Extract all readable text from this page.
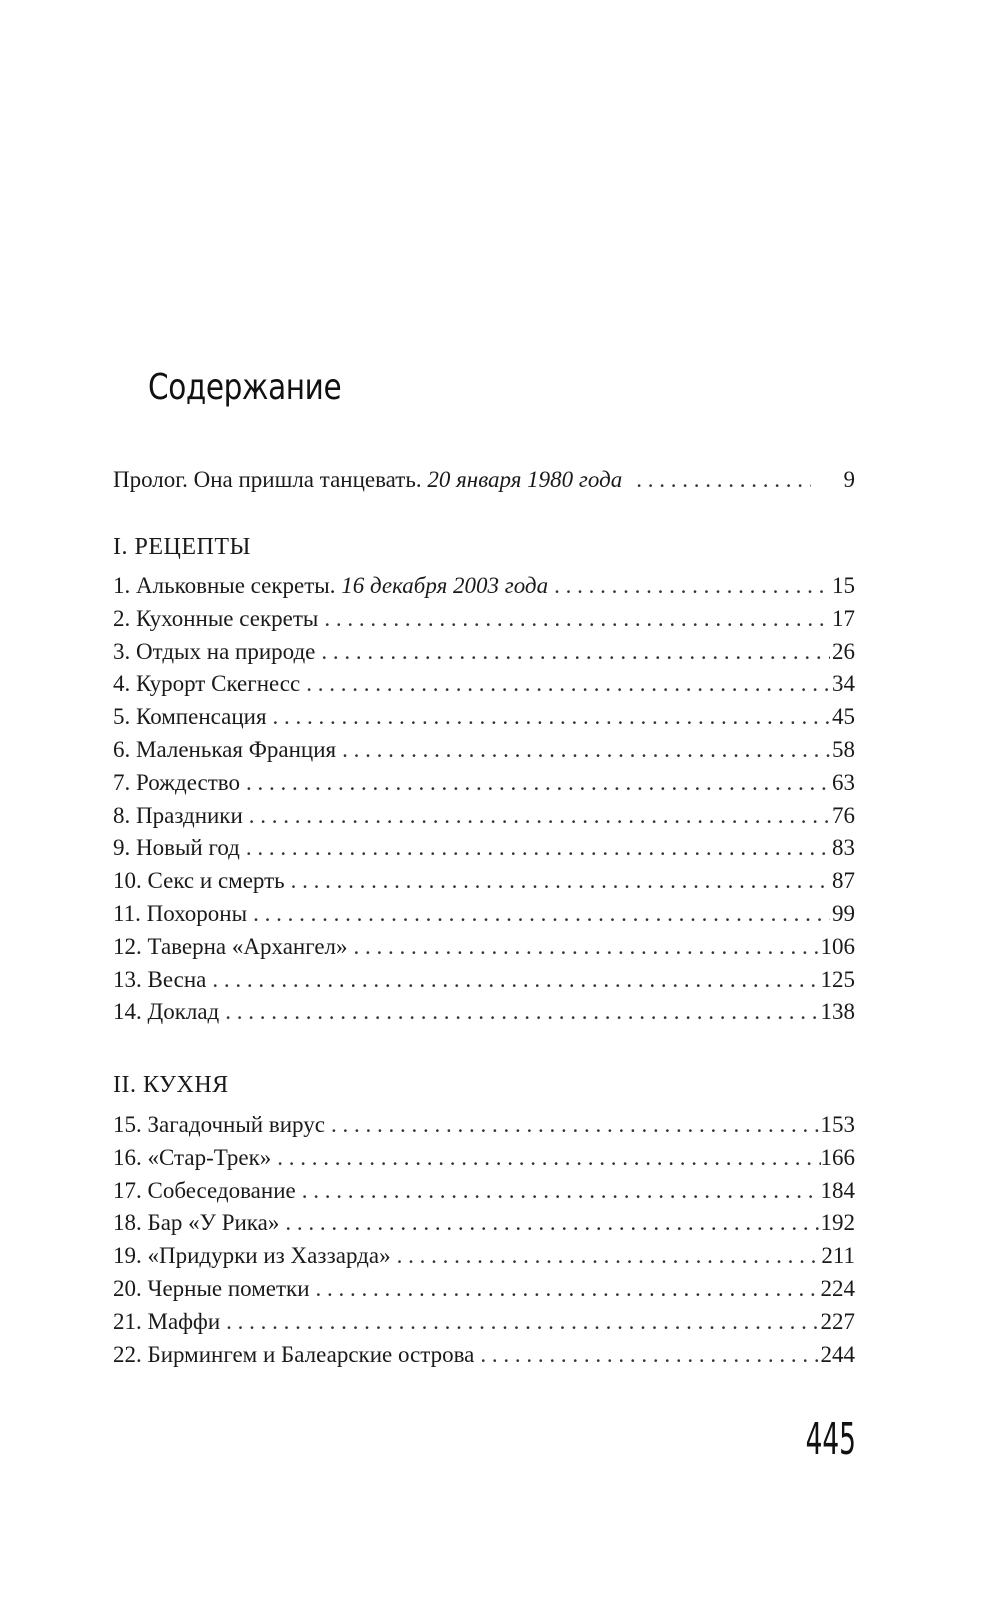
Содержание
Пролог. Она пришла танцевать. 20 января 1980 года . . .	9
I. РЕЦЕПТЫ
1. Альковные секреты. 16 декабря 2003 года . . .	15
2. Кухонные секреты . . .	17
3. Отдых на природе . . .	26
4. Курорт Скегнесс . . .	34
5. Компенсация . . .	45
6. Маленькая Франция . . .	58
7. Рождество . . .	63
8. Праздники . . .	76
9. Новый год . . .	83
10. Секс и смерть . . .	87
11. Похороны . . .	99
12. Таверна «Архангел» . . .	106
13. Весна . . .	125
14. Доклад . . .	138
II. КУХНЯ
15. Загадочный вирус . . .	153
16. «Стар-Трек» . . .	166
17. Собеседование . . .	184
18. Бар «У Рика» . . .	192
19. «Придурки из Хаззарда» . . .	211
20. Черные пометки . . .	224
21. Маффи . . .	227
22. Бирмингем и Балеарские острова . . .	244
445
